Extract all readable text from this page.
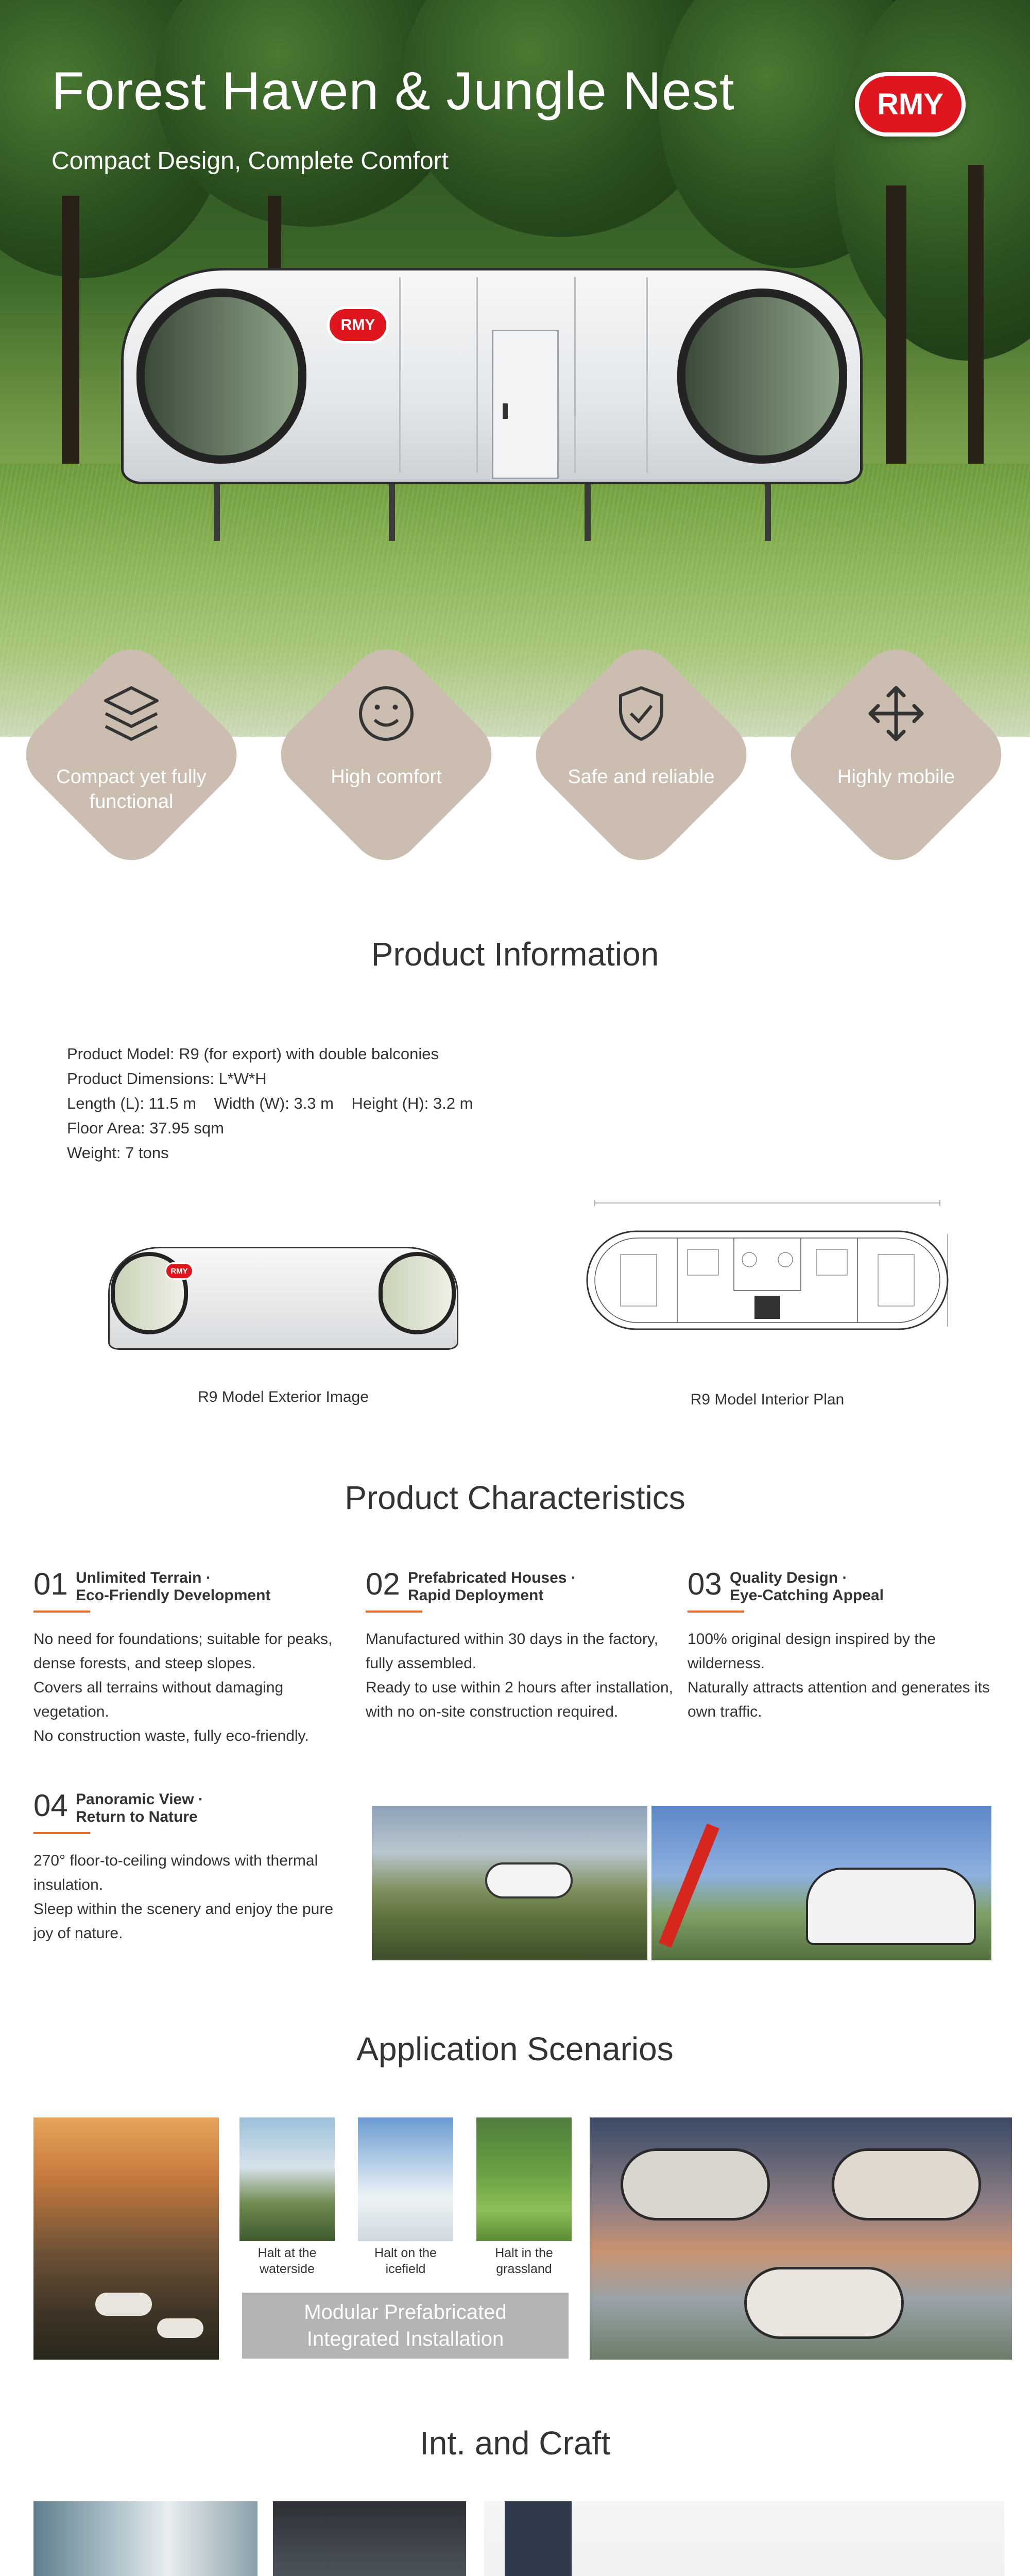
RMY
Forest Haven & Jungle Nest
Compact Design, Complete Comfort
RMY
Compact yet fully functional
High comfort	Safe and reliable	Highly mobile
Product Information
Product Model: R9 (for export) with double balconies
Product Dimensions: L*W*H
Length (L): 11.5 m    Width (W): 3.3 m    Height (H): 3.2 m
Floor Area: 37.95 sqm
Weight: 7 tons
RMY
R9 Model Exterior Image	R9 Model Interior Plan
Product Characteristics
01 Unlimited Terrain ·
Eco-Friendly Development
No need for foundations; suitable for peaks, dense forests, and steep slopes.
Covers all terrains without damaging vegetation.
No construction waste, fully eco-friendly.
02 Prefabricated Houses ·
Rapid Deployment
Manufactured within 30 days in the factory, fully assembled.
Ready to use within 2 hours after installation, with no on-site construction required.
03 Quality Design ·
Eye-Catching Appeal
100% original design inspired by the wilderness.
Naturally attracts attention and generates its own traffic.
04 Panoramic View ·
Return to Nature
270° floor-to-ceiling windows with thermal insulation.
Sleep within the scenery and enjoy the pure joy of nature.
Application Scenarios
Halt at the
waterside
Halt on the
icefield
Halt in the
grassland
Modular Prefabricated
Integrated Installation
Int. and Craft
